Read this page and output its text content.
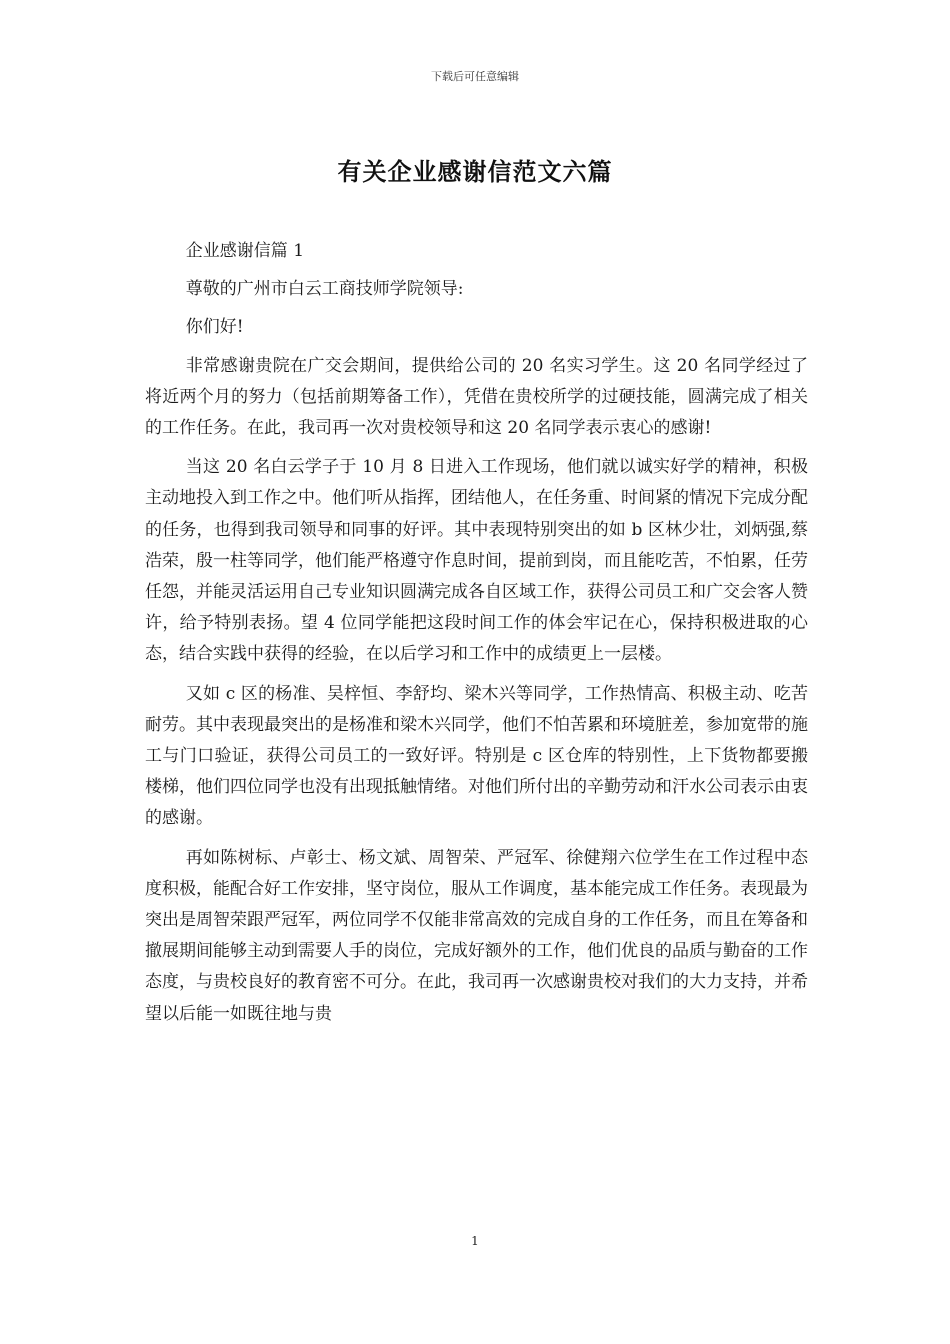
下载后可任意编辑
有关企业感谢信范文六篇

企业感谢信篇 1

尊敬的广州市白云工商技师学院领导:

你们好!

非常感谢贵院在广交会期间，提供给公司的 20 名实习学生。这 20 名同学经过了将近两个月的努力（包括前期筹备工作），凭借在贵校所学的过硬技能，圆满完成了相关的工作任务。在此，我司再一次对贵校领导和这 20 名同学表示衷心的感谢!

当这 20 名白云学子于 10 月 8 日进入工作现场，他们就以诚实好学的精神，积极主动地投入到工作之中。他们听从指挥，团结他人，在任务重、时间紧的情况下完成分配的任务，也得到我司领导和同事的好评。其中表现特别突出的如 b 区林少壮，刘炳强,蔡浩荣，殷一柱等同学，他们能严格遵守作息时间，提前到岗，而且能吃苦，不怕累，任劳任怨，并能灵活运用自己专业知识圆满完成各自区域工作，获得公司员工和广交会客人赞许，给予特别表扬。望 4 位同学能把这段时间工作的体会牢记在心，保持积极进取的心态，结合实践中获得的经验，在以后学习和工作中的成绩更上一层楼。

又如 c 区的杨准、吴梓恒、李舒均、梁木兴等同学，工作热情高、积极主动、吃苦耐劳。其中表现最突出的是杨准和梁木兴同学，他们不怕苦累和环境脏差，参加宽带的施工与门口验证，获得公司员工的一致好评。特别是 c 区仓库的特别性，上下货物都要搬楼梯，他们四位同学也没有出现抵触情绪。对他们所付出的辛勤劳动和汗水公司表示由衷的感谢。

再如陈树标、卢彰士、杨文斌、周智荣、严冠军、徐健翔六位学生在工作过程中态度积极，能配合好工作安排，坚守岗位，服从工作调度，基本能完成工作任务。表现最为突出是周智荣跟严冠军，两位同学不仅能非常高效的完成自身的工作任务，而且在筹备和撤展期间能够主动到需要人手的岗位，完成好额外的工作，他们优良的品质与勤奋的工作态度，与贵校良好的教育密不可分。在此，我司再一次感谢贵校对我们的大力支持，并希望以后能一如既往地与贵

1
